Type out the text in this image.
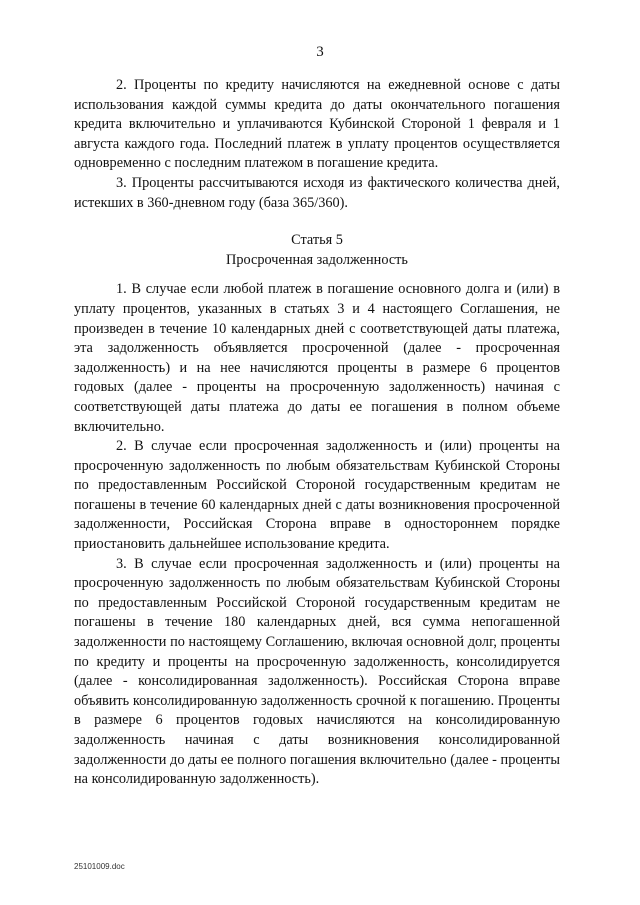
3

2. Проценты по кредиту начисляются на ежедневной основе с даты использования каждой суммы кредита до даты окончательного погашения кредита включительно и уплачиваются Кубинской Стороной 1 февраля и 1 августа каждого года. Последний платеж в уплату процентов осуществляется одновременно с последним платежом в погашение кредита.

3. Проценты рассчитываются исходя из фактического количества дней, истекших в 360-дневном году (база 365/360).

Статья 5

Просроченная задолженность

1. В случае если любой платеж в погашение основного долга и (или) в уплату процентов, указанных в статьях 3 и 4 настоящего Соглашения, не произведен в течение 10 календарных дней с соответствующей даты платежа, эта задолженность объявляется просроченной (далее - просроченная задолженность) и на нее начисляются проценты в размере 6 процентов годовых (далее - проценты на просроченную задолженность) начиная с соответствующей даты платежа до даты ее погашения в полном объеме включительно.

2. В случае если просроченная задолженность и (или) проценты на просроченную задолженность по любым обязательствам Кубинской Стороны по предоставленным Российской Стороной государственным кредитам не погашены в течение 60 календарных дней с даты возникновения просроченной задолженности, Российская Сторона вправе в одностороннем порядке приостановить дальнейшее использование кредита.

3. В случае если просроченная задолженность и (или) проценты на просроченную задолженность по любым обязательствам Кубинской Стороны по предоставленным Российской Стороной государственным кредитам не погашены в течение 180 календарных дней, вся сумма непогашенной задолженности по настоящему Соглашению, включая основной долг, проценты по кредиту и проценты на просроченную задолженность, консолидируется (далее - консолидированная задолженность). Российская Сторона вправе объявить консолидированную задолженность срочной к погашению. Проценты в размере 6 процентов годовых начисляются на консолидированную задолженность начиная с даты возникновения консолидированной задолженности до даты ее полного погашения включительно (далее - проценты на консолидированную задолженность).

25101009.doc
